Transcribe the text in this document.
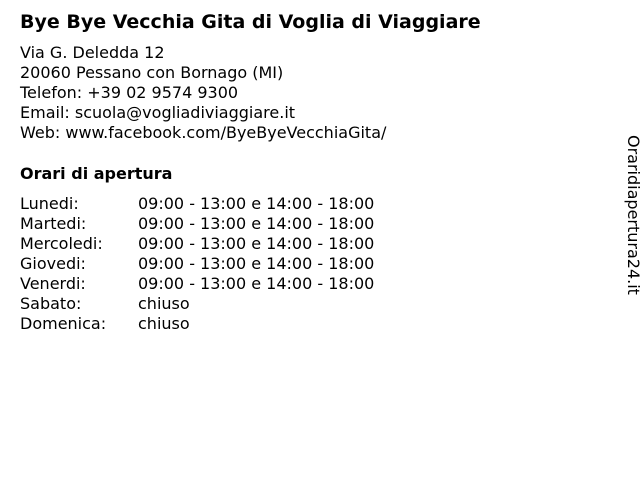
Bye Bye Vecchia Gita di Voglia di Viaggiare
Via G. Deledda 12
20060 Pessano con Bornago (MI)
Telefon: +39 02 9574 9300
Email: scuola@vogliadiviaggiare.it
Web: www.facebook.com/ByeByeVecchiaGita/
Orari di apertura
Lunedi:	09:00 - 13:00 e 14:00 - 18:00
Martedi:	09:00 - 13:00 e 14:00 - 18:00
Mercoledi: 09:00 - 13:00 e 14:00 - 18:00
Giovedi:	09:00 - 13:00 e 14:00 - 18:00
Venerdi:	09:00 - 13:00 e 14:00 - 18:00
Sabato:	chiuso
Domenica: chiuso
Oraridiapertura24.it
